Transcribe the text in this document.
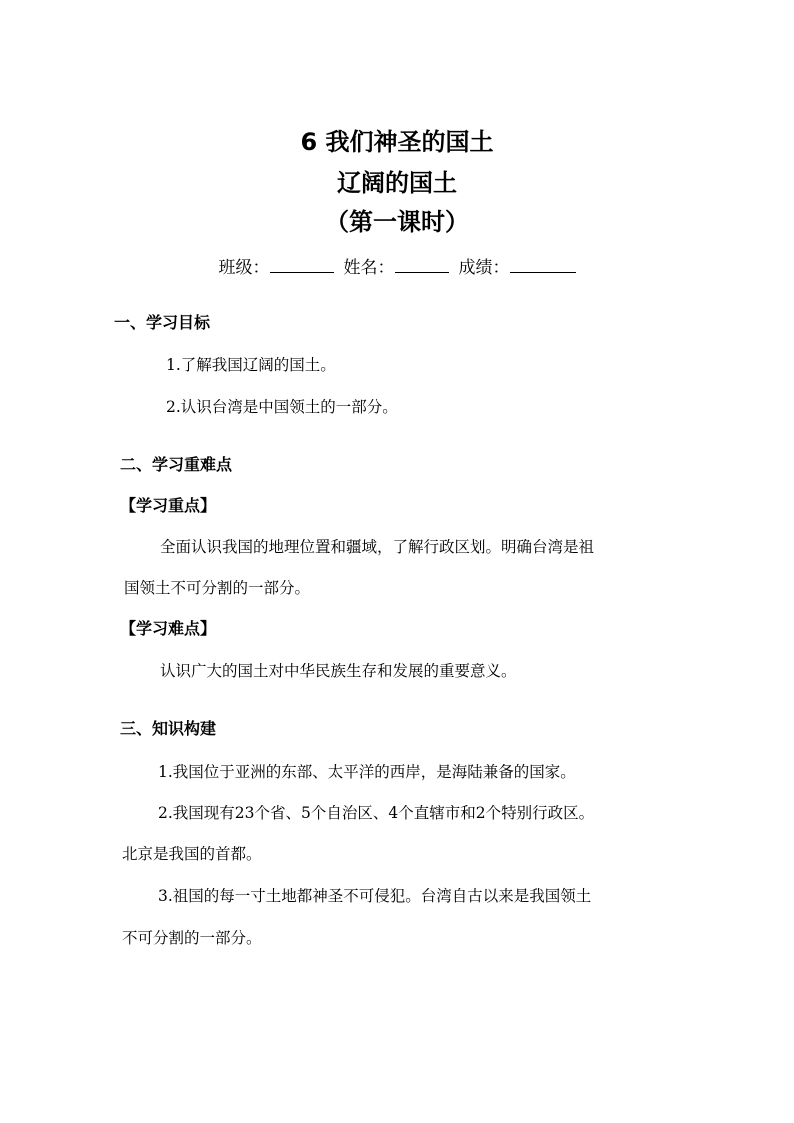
6 我们神圣的国土
辽阔的国土
（第一课时）
班级：	姓名：	成绩：
一、学习目标

1.了解我国辽阔的国土。

2.认识台湾是中国领土的一部分。

二、学习重难点
【学习重点】

全面认识我国的地理位置和疆域，了解行政区划。明确台湾是祖

国领土不可分割的一部分。

【学习难点】

认识广大的国土对中华民族生存和发展的重要意义。

三、知识构建

1.我国位于亚洲的东部、太平洋的西岸，是海陆兼备的国家。

2.我国现有23个省、5个自治区、4个直辖市和2个特别行政区。

北京是我国的首都。

3.祖国的每一寸土地都神圣不可侵犯。台湾自古以来是我国领土

不可分割的一部分。
